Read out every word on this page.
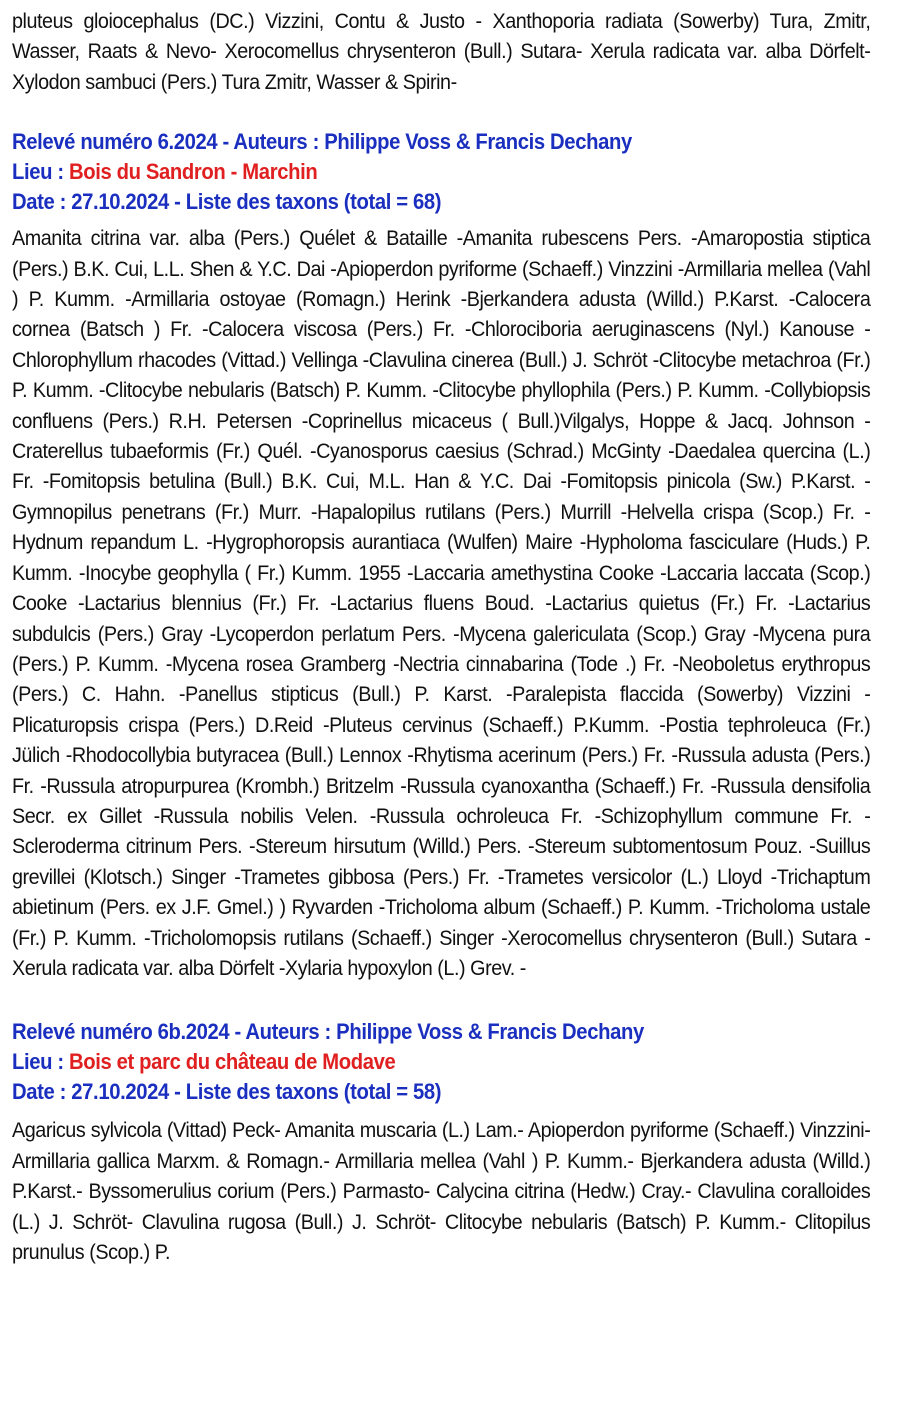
pluteus gloiocephalus (DC.) Vizzini, Contu & Justo - Xanthoporia radiata (Sowerby) Tura, Zmitr, Wasser, Raats & Nevo- Xerocomellus chrysenteron (Bull.) Sutara- Xerula radicata var. alba Dörfelt- Xylodon sambuci (Pers.) Tura Zmitr, Wasser & Spirin-

Relevé numéro 6.2024 - Auteurs : Philippe Voss & Francis Dechany

Lieu : Bois du Sandron - Marchin

Date : 27.10.2024 - Liste des taxons (total = 68)

Amanita citrina var. alba (Pers.) Quélet & Bataille -Amanita rubescens Pers. -Amaropostia stiptica (Pers.) B.K. Cui, L.L. Shen & Y.C. Dai -Apioperdon pyriforme (Schaeff.) Vinzzini -Armillaria mellea (Vahl ) P. Kumm. -Armillaria ostoyae (Romagn.) Herink -Bjerkandera adusta (Willd.) P.Karst. -Calocera cornea (Batsch ) Fr. -Calocera viscosa (Pers.) Fr. -Chlorociboria aeruginascens (Nyl.) Kanouse -Chlorophyllum rhacodes (Vittad.) Vellinga -Clavulina cinerea (Bull.) J. Schröt -Clitocybe metachroa (Fr.) P. Kumm. -Clitocybe nebularis (Batsch) P. Kumm. -Clitocybe phyllophila (Pers.) P. Kumm. -Collybiopsis confluens (Pers.) R.H. Petersen -Coprinellus micaceus ( Bull.)Vilgalys, Hoppe & Jacq. Johnson -Craterellus tubaeformis (Fr.) Quél. -Cyanosporus caesius (Schrad.) McGinty -Daedalea quercina (L.) Fr. -Fomitopsis betulina (Bull.) B.K. Cui, M.L. Han & Y.C. Dai -Fomitopsis pinicola (Sw.) P.Karst. -Gymnopilus penetrans (Fr.) Murr. -Hapalopilus rutilans (Pers.) Murrill -Helvella crispa (Scop.) Fr. -Hydnum repandum L. -Hygrophoropsis aurantiaca (Wulfen) Maire -Hypholoma fasciculare (Huds.) P. Kumm. -Inocybe geophylla ( Fr.) Kumm. 1955 -Laccaria amethystina Cooke -Laccaria laccata (Scop.) Cooke -Lactarius blennius (Fr.) Fr. -Lactarius fluens Boud. -Lactarius quietus (Fr.) Fr. -Lactarius subdulcis (Pers.) Gray -Lycoperdon perlatum Pers. -Mycena galericulata (Scop.) Gray -Mycena pura (Pers.) P. Kumm. -Mycena rosea Gramberg -Nectria cinnabarina (Tode .) Fr. -Neoboletus erythropus (Pers.) C. Hahn. -Panellus stipticus (Bull.) P. Karst. -Paralepista flaccida (Sowerby) Vizzini -Plicaturopsis crispa (Pers.) D.Reid -Pluteus cervinus (Schaeff.) P.Kumm. -Postia tephroleuca (Fr.) Jülich -Rhodocollybia butyracea (Bull.) Lennox -Rhytisma acerinum (Pers.) Fr. -Russula adusta (Pers.) Fr. -Russula atropurpurea (Krombh.) Britzelm -Russula cyanoxantha (Schaeff.) Fr. -Russula densifolia Secr. ex Gillet -Russula nobilis Velen. -Russula ochroleuca Fr. -Schizophyllum commune Fr. -Scleroderma citrinum Pers. -Stereum hirsutum (Willd.) Pers. -Stereum subtomentosum Pouz. -Suillus grevillei (Klotsch.) Singer -Trametes gibbosa (Pers.) Fr. -Trametes versicolor (L.) Lloyd -Trichaptum abietinum (Pers. ex J.F. Gmel.) ) Ryvarden -Tricholoma album (Schaeff.) P. Kumm. -Tricholoma ustale (Fr.) P. Kumm. -Tricholomopsis rutilans (Schaeff.) Singer -Xerocomellus chrysenteron (Bull.) Sutara -Xerula radicata var. alba Dörfelt -Xylaria hypoxylon (L.) Grev. -

Relevé numéro 6b.2024 - Auteurs : Philippe Voss & Francis Dechany

Lieu : Bois et parc du château de Modave

Date : 27.10.2024 - Liste des taxons (total = 58)

Agaricus sylvicola (Vittad) Peck- Amanita muscaria (L.) Lam.- Apioperdon pyriforme (Schaeff.) Vinzzini- Armillaria gallica Marxm. & Romagn.- Armillaria mellea (Vahl ) P. Kumm.- Bjerkandera adusta (Willd.) P.Karst.- Byssomerulius corium (Pers.) Parmasto- Calycina citrina (Hedw.) Cray.- Clavulina coralloides (L.) J. Schröt- Clavulina rugosa (Bull.) J. Schröt- Clitocybe nebularis (Batsch) P. Kumm.- Clitopilus prunulus (Scop.) P.
